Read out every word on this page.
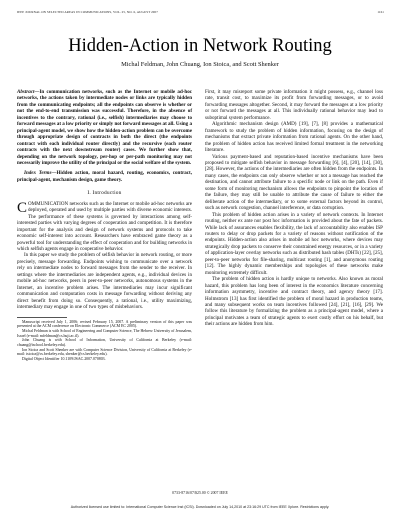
IEEE JOURNAL ON SELECTED AREAS IN COMMUNICATIONS, VOL. 25, NO. 6, AUGUST 2007	1161
Hidden-Action in Network Routing
Michal Feldman, John Chuang, Ion Stoica, and Scott Shenker

Abstract—In communication networks, such as the Internet or mobile ad-hoc networks, the actions taken by intermediate nodes or links are typically hidden from the communicating endpoints; all the endpoints can observe is whether or not the end-to-end transmission was successful. Therefore, in the absence of incentives to the contrary, rational (i.e., selfish) intermediaries may choose to forward messages at a low priority or simply not forward messages at all. Using a principal-agent model, we show how the hidden-action problem can be overcome through appropriate design of contracts in both the direct (the endpoints contract with each individual router directly) and the recursive (each router contracts with the next downstream router) cases. We further show that, depending on the network topology, per-hop or per-path monitoring may not necessarily improve the utility of the principal or the social welfare of the system.

Index Terms—Hidden action, moral hazard, routing, economics, contract, principal-agent, mechanism design, game theory.

I. Introduction

COMMUNICATION networks such as the Internet or mobile ad-hoc networks are deployed, operated and used by multiple parties with diverse economic interests. The performance of these systems is governed by interactions among self-interested parties with varying degrees of cooperation and competition. It is therefore important for the analysis and design of network systems and protocols to take economic self-interest into account. Researchers have embraced game theory as a powerful tool for understanding the effect of cooperation and for building networks in which selfish agents engage in cooperative behavior.

In this paper we study the problem of selfish behavior in network routing, or more precisely, message forwarding. Endpoints wishing to communicate over a network rely on intermediate nodes to forward messages from the sender to the receiver. In settings where the intermediaries are independent agents, e.g., individual devices in mobile ad-hoc networks, peers in peer-to-peer networks, autonomous systems in the Internet, an incentive problem arises. The intermediaries may incur significant communication and computation costs in message forwarding without deriving any direct benefit from doing so. Consequently, a rational, i.e., utility maximizing, intermediary may engage in one of two types of misbehaviors.

Manuscript received July 1, 2006; revised February 15, 2007. A preliminary version of this paper was presented at the ACM conference on Electronic Commerce (ACM EC 2005).

Michal Feldman is with School of Engineering and Computer Science, The Hebrew University of Jerusalem, Israel (e-mail: mfeldman@cs.huji.ac.il).

John Chuang is with School of Information, University of California at Berkeley (e-mail: chuang@ischool.berkeley.edu).

Ion Stoica and Scott Shenker are with Computer Science Division, University of California at Berkeley (e-mail: istoica@cs.berkeley.edu, shenker@cs.berkeley.edu).

Digital Object Identifier 10.1109/JSAC.2007.070803.

First, it may misreport some private information it might possess, e.g., channel loss rate, transit cost, to maximize its profit from forwarding messages, or to avoid forwarding messages altogether. Second, it may forward the messages at a low priority or not forward the messages at all. This individually rational behavior may lead to suboptimal system performance.

Algorithmic mechanism design (AMD) [19], [7], [8] provides a mathematical framework to study the problem of hidden information, focusing on the design of mechanisms that extract private information from rational agents. On the other hand, the problem of hidden action has received limited formal treatment in the networking literature.

Various payment-based and reputation-based incentive mechanisms have been proposed to mitigate selfish behavior in message forwarding [6], [4], [20], [14], [30], [28]. However, the actions of the intermediaries are often hidden from the endpoints. In many cases, the endpoints can only observe whether or not a message has reached the destination, and cannot attribute failure to a specific node or link on the path. Even if some form of monitoring mechanism allows the endpoints to pinpoint the location of the failure, they may still be unable to attribute the cause of failure to either the deliberate action of the intermediary, or to some external factors beyond its control, such as network congestion, channel interference, or data corruption.

This problem of hidden action arises in a variety of network contexts. In Internet routing, neither ex ante nor post hoc information is provided about the fate of packets. While lack of assurances enables flexibility, the lack of accountability also enables ISP routers to delay or drop packets for a variety of reasons without notification of the endpoints. Hidden-action also arises in mobile ad hoc networks, where devices may strategically drop packets to conserve their constrained energy resources, or in a variety of application-layer overlay networks such as distributed hash tables (DHTs) [22], [25], peer-to-peer networks for file-sharing, multicast routing [1], and anonymous routing [12]. The highly dynamic memberships and topologies of these networks make monitoring extremely difficult.

The problem of hidden action is hardly unique to networks. Also known as moral hazard, this problem has long been of interest in the economics literature concerning information asymmetry, incentive and contract theory, and agency theory [17]. Holmstrom [13] has first identified the problem of moral hazard in production teams, and many subsequent works on team incentives followed [24], [21], [16], [29]. We follow this literature by formalizing the problem as a principal-agent model, where a principal motivates a team of strategic agents to exert costly effort on his behalf, but their actions are hidden from him.

0733-8716/07/$25.00 © 2007 IEEE
Authorized licensed use limited to: International Computer Science Inst (ICSI). Downloaded on July 14,2010 at 23:16:29 UTC from IEEE Xplore. Restrictions apply.
